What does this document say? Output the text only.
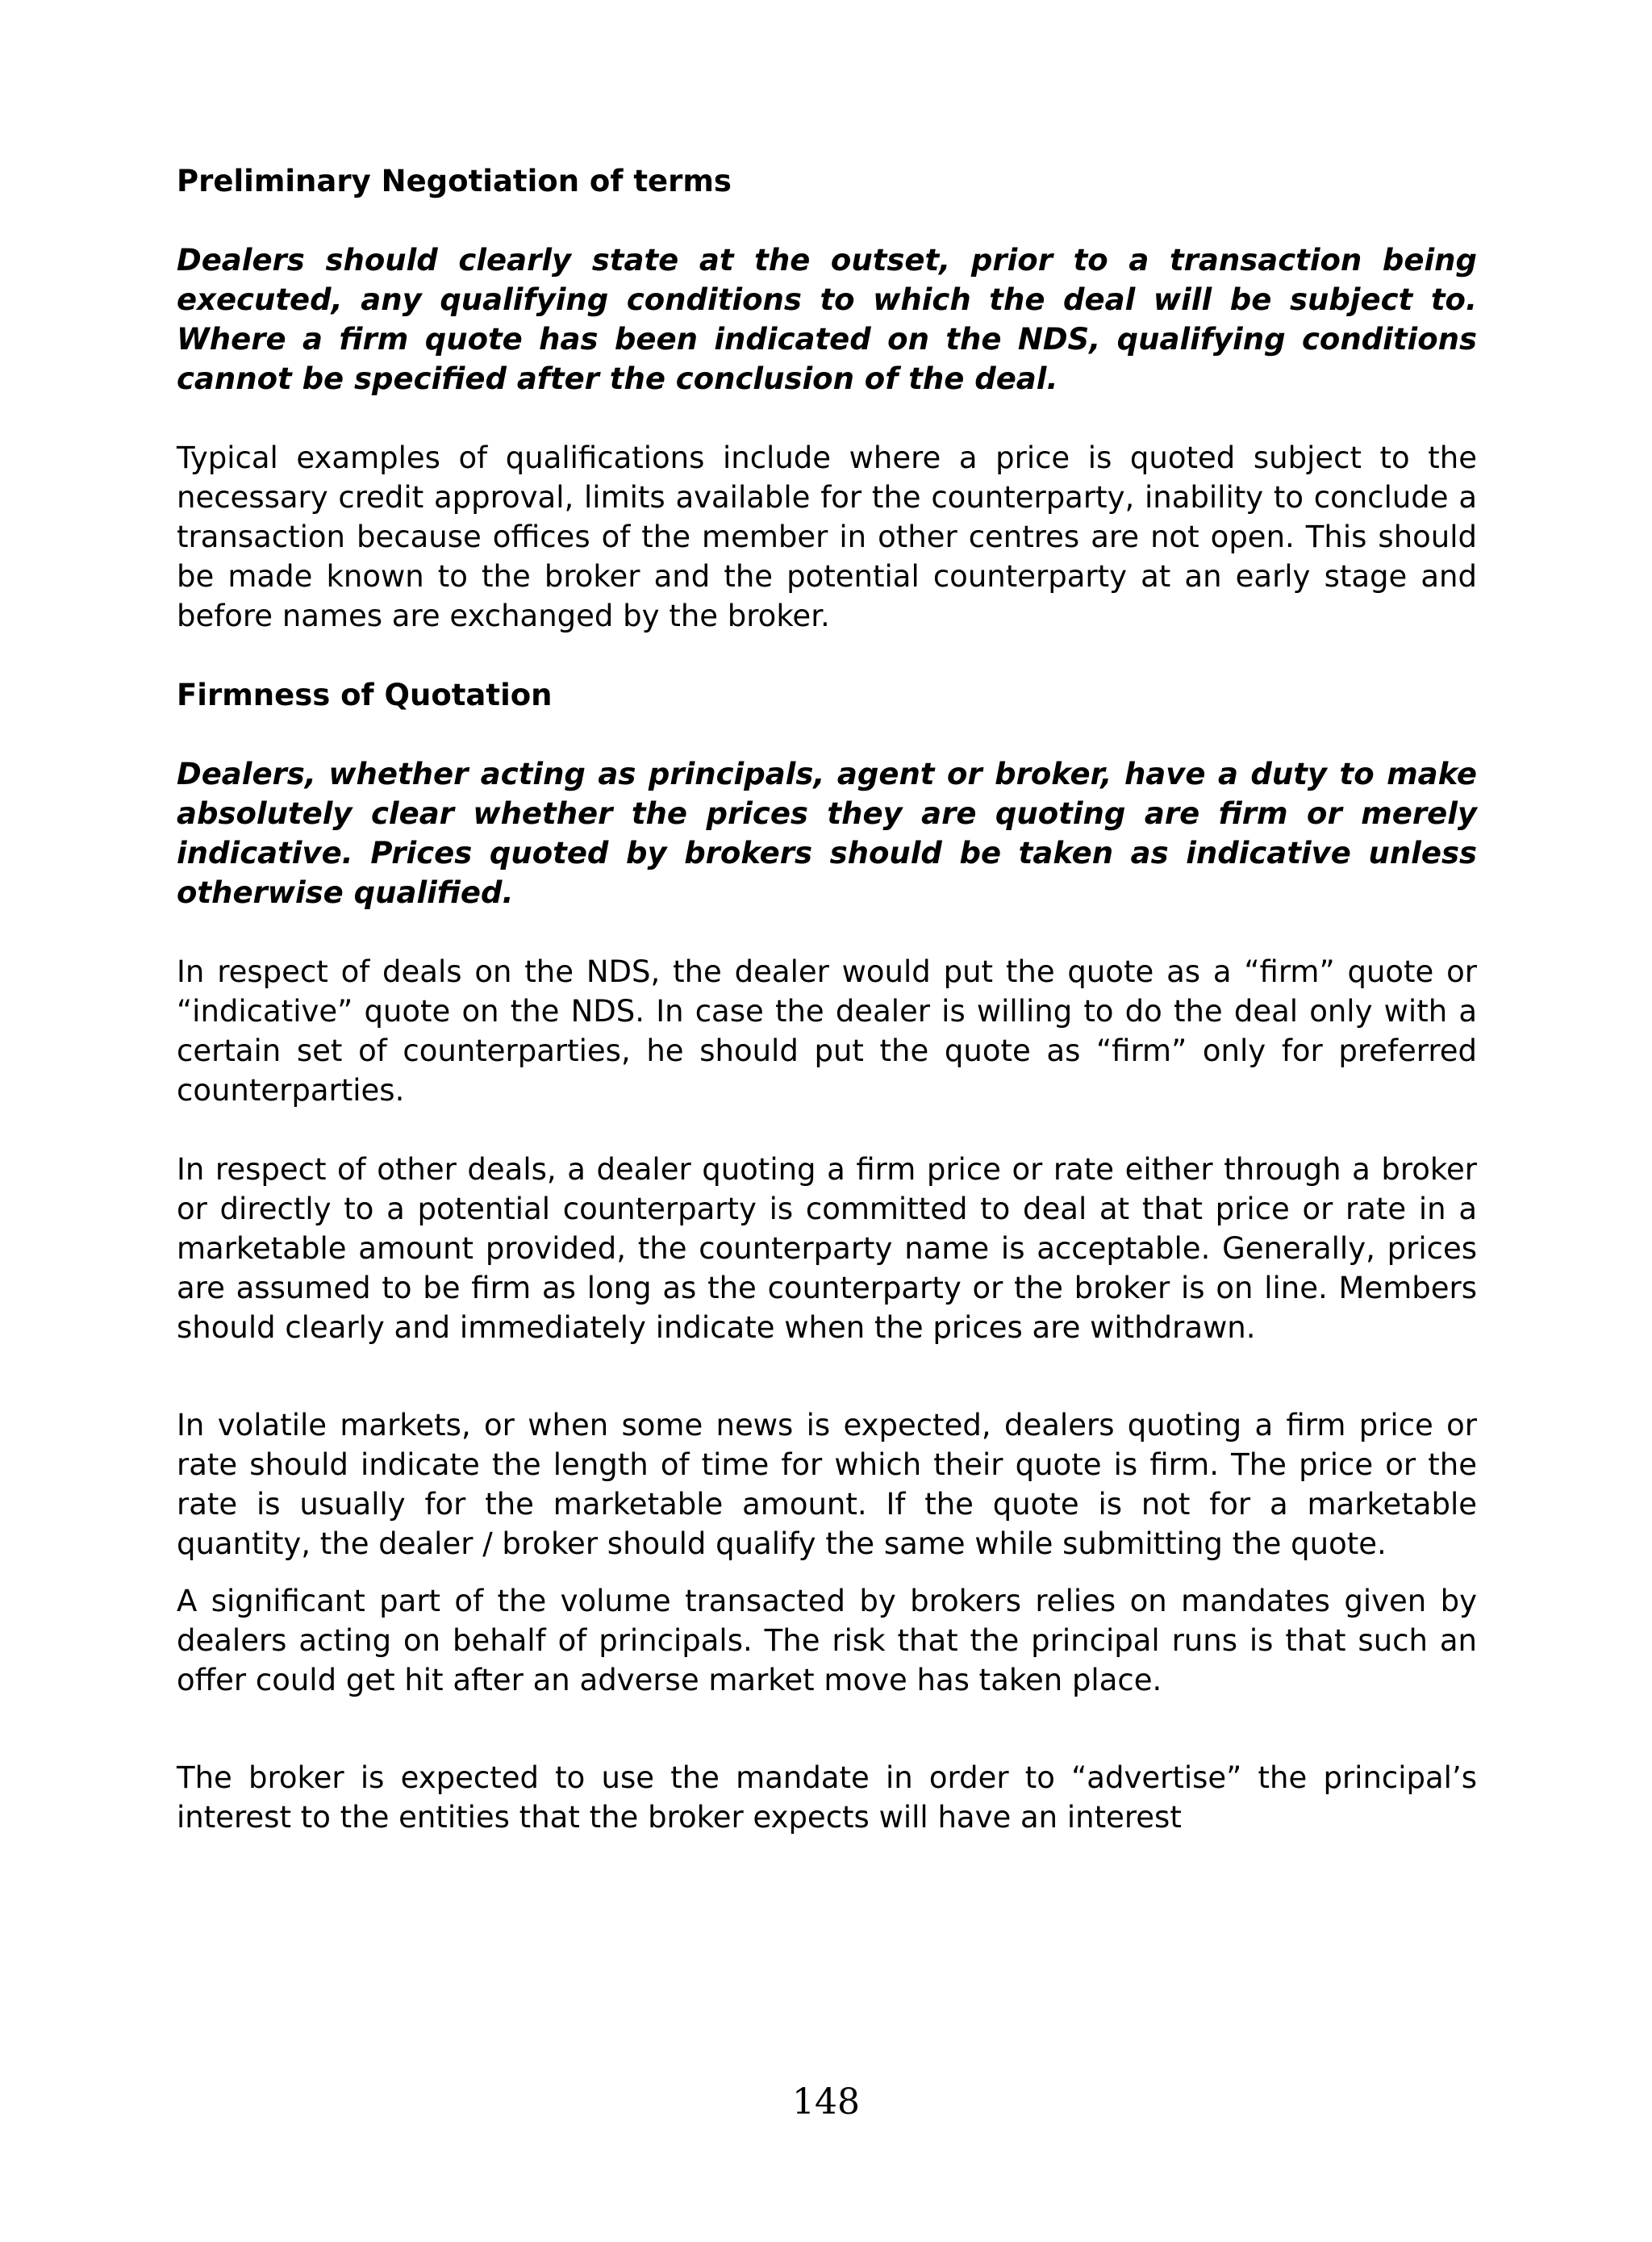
Preliminary Negotiation of terms
Dealers should clearly state at the outset, prior to a transaction being executed, any qualifying conditions to which the deal will be subject to. Where a firm quote has been indicated on the NDS, qualifying conditions cannot be specified after the conclusion of the deal.
Typical examples of qualifications include where a price is quoted subject to the necessary credit approval, limits available for the counterparty, inability to conclude a transaction because offices of the member in other centres are not open. This should be made known to the broker and the potential counterparty at an early stage and before names are exchanged by the broker.
Firmness of Quotation
Dealers, whether acting as principals, agent or broker, have a duty to make absolutely clear whether the prices they are quoting are firm or merely indicative. Prices quoted by brokers should be taken as indicative unless otherwise qualified.
In respect of deals on the NDS, the dealer would put the quote as a “firm” quote or “indicative” quote on the NDS. In case the dealer is willing to do the deal only with a certain set of counterparties, he should put the quote as “firm” only for preferred counterparties.
In respect of other deals, a dealer quoting a firm price or rate either through a broker or directly to a potential counterparty is committed to deal at that price or rate in a marketable amount provided, the counterparty name is acceptable. Generally, prices are assumed to be firm as long as the counterparty or the broker is on line. Members should clearly and immediately indicate when the prices are withdrawn.
In volatile markets, or when some news is expected, dealers quoting a firm price or rate should indicate the length of time for which their quote is firm. The price or the rate is usually for the marketable amount. If the quote is not for a marketable quantity, the dealer / broker should qualify the same while submitting the quote.
A significant part of the volume transacted by brokers relies on mandates given by dealers acting on behalf of principals. The risk that the principal runs is that such an offer could get hit after an adverse market move has taken place.
The broker is expected to use the mandate in order to “advertise” the principal’s interest to the entities that the broker expects will have an interest
148
